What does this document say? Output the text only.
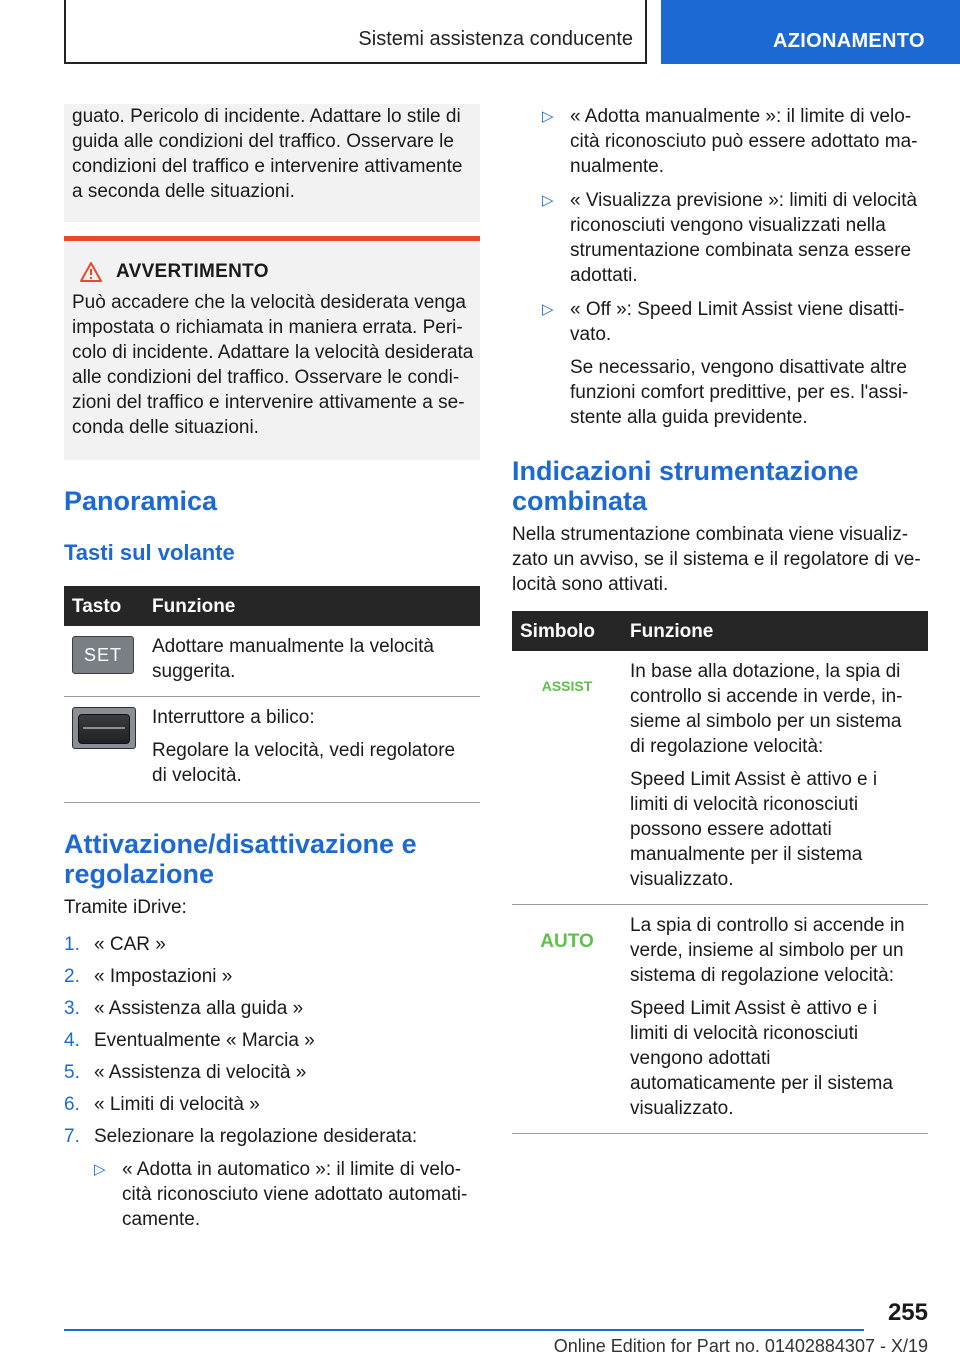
Sistemi assistenza conducente	AZIONAMENTO

guato. Pericolo di incidente. Adattare lo stile di guida alle condizioni del traffico. Osservare le condizioni del traffico e intervenire attivamente a seconda delle situazioni.

AVVERTIMENTO

Può accadere che la velocità desiderata venga impostata o richiamata in maniera errata. Pericolo di incidente. Adattare la velocità desiderata alle condizioni del traffico. Osservare le condizioni del traffico e intervenire attivamente a seconda delle situazioni.

Panoramica
Tasti sul volante
Tasto	Funzione

SET	Adottare manualmente la velocità suggerita.

	Interruttore a bilico:

Regolare la velocità, vedi regolatore di velocità.

Attivazione/disattivazione e regolazione

Tramite iDrive:

1. « CAR »
2. « Impostazioni »
3. « Assistenza alla guida »
4. Eventualmente « Marcia »
5. « Assistenza di velocità »
6. « Limiti di velocità »
7. Selezionare la regolazione desiderata:
▷ « Adotta in automatico »: il limite di velocità riconosciuto viene adottato automaticamente.
▷ « Adotta manualmente »: il limite di velocità riconosciuto può essere adottato manualmente.
▷ « Visualizza previsione »: limiti di velocità riconosciuti vengono visualizzati nella strumentazione combinata senza essere adottati.
▷ « Off »: Speed Limit Assist viene disattivato.
Se necessario, vengono disattivate altre funzioni comfort predittive, per es. l'assistente alla guida previdente.
Indicazioni strumentazione combinata

Nella strumentazione combinata viene visualizzato un avviso, se il sistema e il regolatore di velocità sono attivati.

Simbolo	Funzione
ASSIST	In base alla dotazione, la spia di controllo si accende in verde, insieme al simbolo per un sistema di regolazione velocità:

Speed Limit Assist è attivo e i limiti di velocità riconosciuti possono essere adottati manualmente per il sistema visualizzato.

AUTO	La spia di controllo si accende in verde, insieme al simbolo per un sistema di regolazione velocità:

Speed Limit Assist è attivo e i limiti di velocità riconosciuti vengono adottati automaticamente per il sistema visualizzato.

255
Online Edition for Part no. 01402884307 - X/19
